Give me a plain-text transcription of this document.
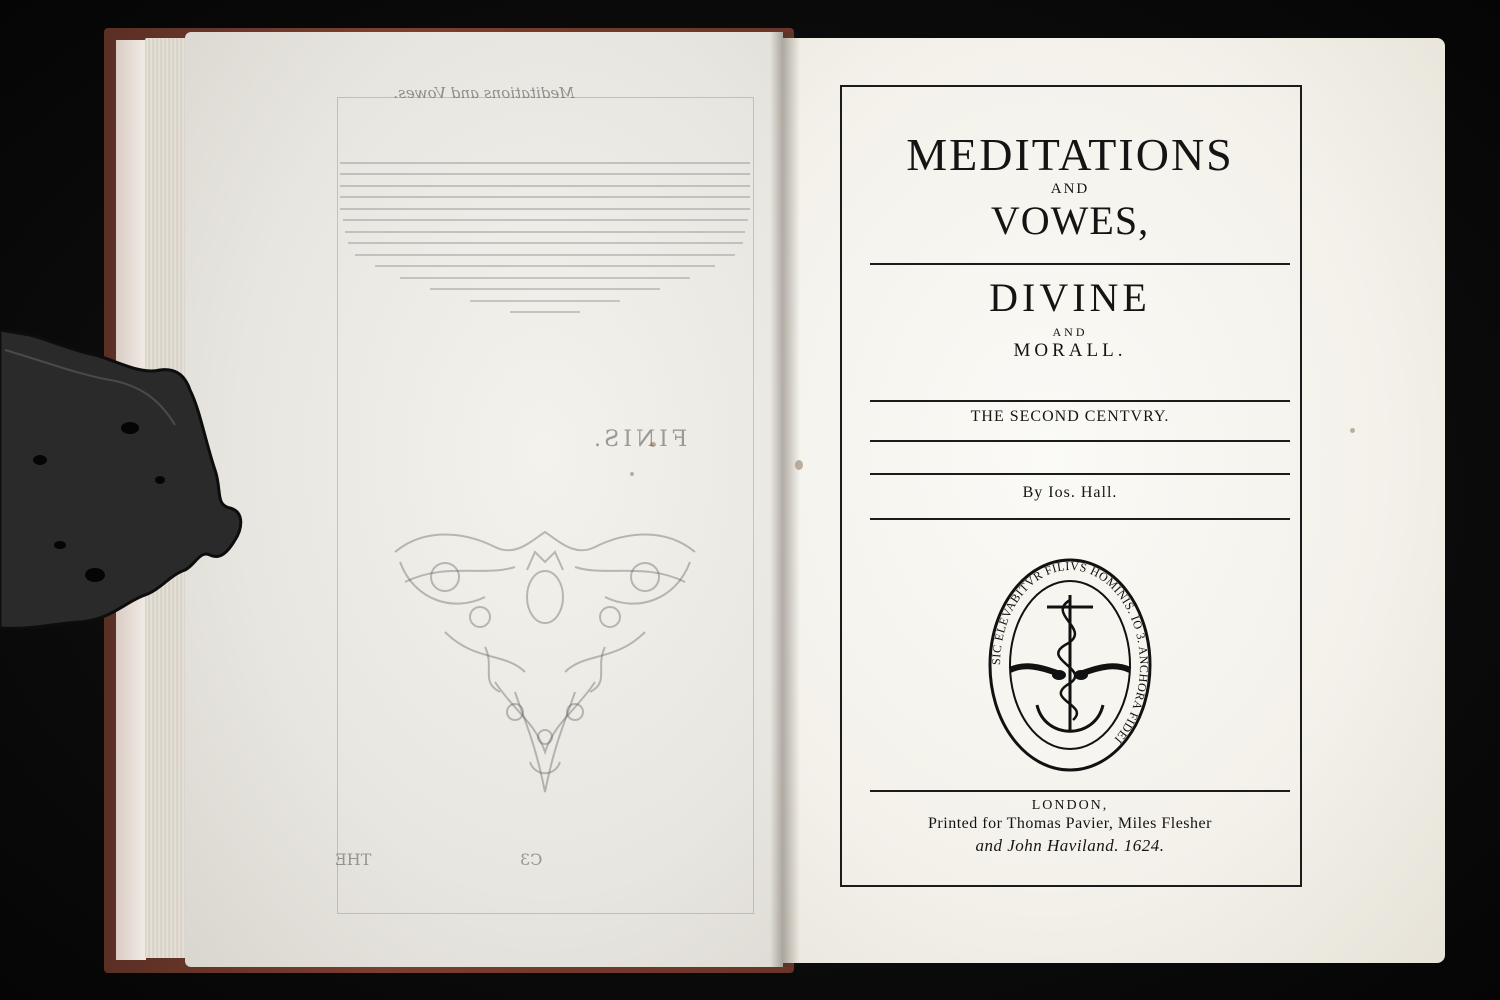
Meditations and Vowes.
FINIS.
THE	C3
MEDITATIONS
AND
VOWES,
DIVINE
AND
MORALL.
THE SECOND CENTVRY.
By Ios. Hall.
SIC ELEVABITVR FILIVS HOMINIS. IO 3. ANCHORA FIDEI
LONDON,
Printed for Thomas Pavier, Miles Flesher
and John Haviland. 1624.
